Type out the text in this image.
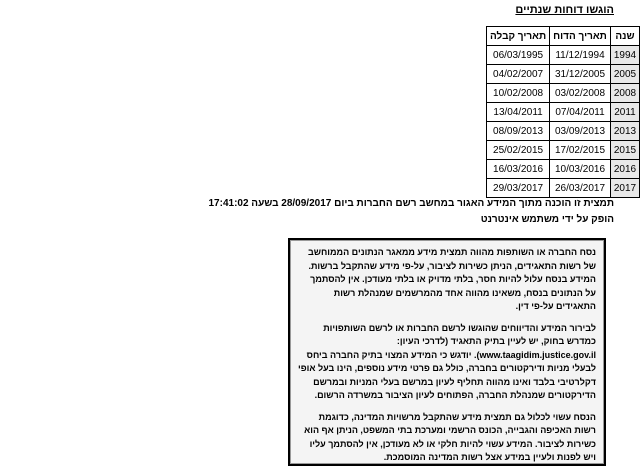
הוגשו דוחות שנתיים
שנה	תאריך הדוח	תאריך קבלה
1994	11/12/1994	06/03/1995
2005	31/12/2005	04/02/2007
2008	03/02/2008	10/02/2008
2011	07/04/2011	13/04/2011
2013	03/09/2013	08/09/2013
2015	17/02/2015	25/02/2015
2016	10/03/2016	16/03/2016
2017	26/03/2017	29/03/2017
תמצית זו הוכנה מתוך המידע האגור במחשב רשם החברות ביום 28/09/2017 בשעה 17:41:02
הופק על ידי משתמש אינטרנט

נסח החברה או השותפות מהווה תמצית מידע ממאגר הנתונים הממוחשב של רשות התאגידים, הניתן כשירות לציבור, על-פי מידע שהתקבל ברשות. המידע בנסח עלול להיות חסר, בלתי מדויק או בלתי מעודכן. אין להסתמך על הנתונים בנסח, משאינו מהווה אחד מהמרשמים שמנהלת רשות התאגידים על-פי דין.

לבירור המידע והדיווחים שהוגשו לרשם החברות או לרשם השותפויות כמדרש בחוק, יש לעיין בתיק התאגיד (לדרכי העיון: www.taagidim.justice.gov.il). יודגש כי המידע המצוי בתיק החברה ביחס לבעלי מניות ודירקטורים בחברה, כולל גם פרטי מידע נוספים, הינו בעל אופי דקלרטיבי בלבד ואינו מהווה תחליף לעיון במרשם בעלי המניות ובמרשם הדירקטורים שמנהלת החברה, הפתוחים לעיון הציבור במשרדה הרשום.

הנסח עשוי לכלול גם תמצית מידע שהתקבל מרשויות המדינה, כדוגמת רשות האכיפה והגבייה, הכונס הרשמי ומערכת בתי המשפט, הניתן אף הוא כשירות לציבור. המידע עשוי להיות חלקי או לא מעודכן, אין להסתמך עליו ויש לפנות ולעיין במידע אצל רשות המדינה המוסמכת.
